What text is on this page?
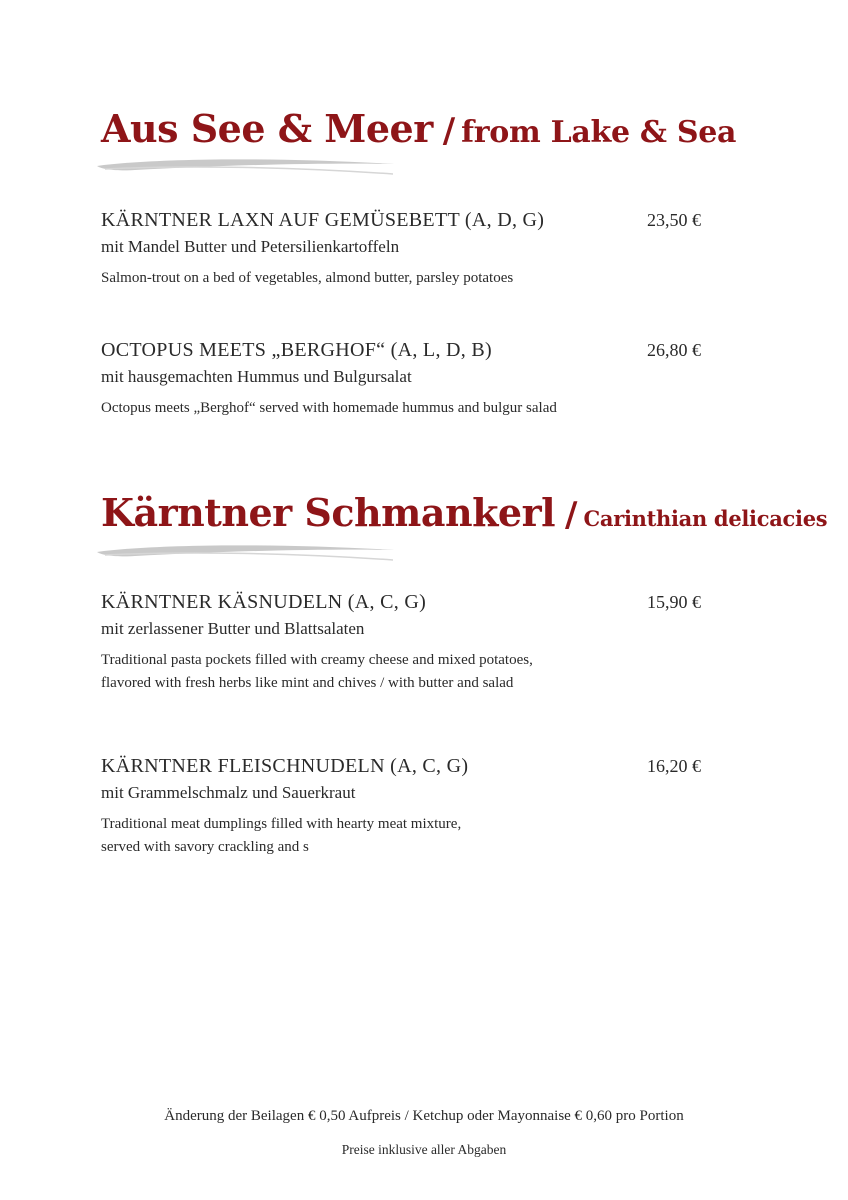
Aus See & Meer / from Lake & Sea
KÄRNTNER LAXN AUF GEMÜSEBETT (A, D, G)	23,50 €
mit Mandel Butter und Petersilienkartoffeln
Salmon-trout on a bed of vegetables, almond butter, parsley potatoes
OCTOPUS MEETS „BERGHOF“ (A, L, D, B)	26,80 €
mit hausgemachten Hummus und Bulgursalat
Octopus meets „Berghof“ served with homemade hummus and bulgur salad
Kärntner Schmankerl / Carinthian delicacies
KÄRNTNER KÄSNUDELN (A, C, G)	15,90 €
mit zerlassener Butter und Blattsalaten
Traditional pasta pockets filled with creamy cheese and mixed potatoes,
flavored with fresh herbs like mint and chives / with butter and salad
KÄRNTNER FLEISCHNUDELN (A, C, G)	16,20 €
mit Grammelschmalz und Sauerkraut
Traditional meat dumplings filled with hearty meat mixture,
served with savory crackling and s
Änderung der Beilagen € 0,50 Aufpreis / Ketchup oder Mayonnaise € 0,60 pro Portion
Preise inklusive aller Abgaben
